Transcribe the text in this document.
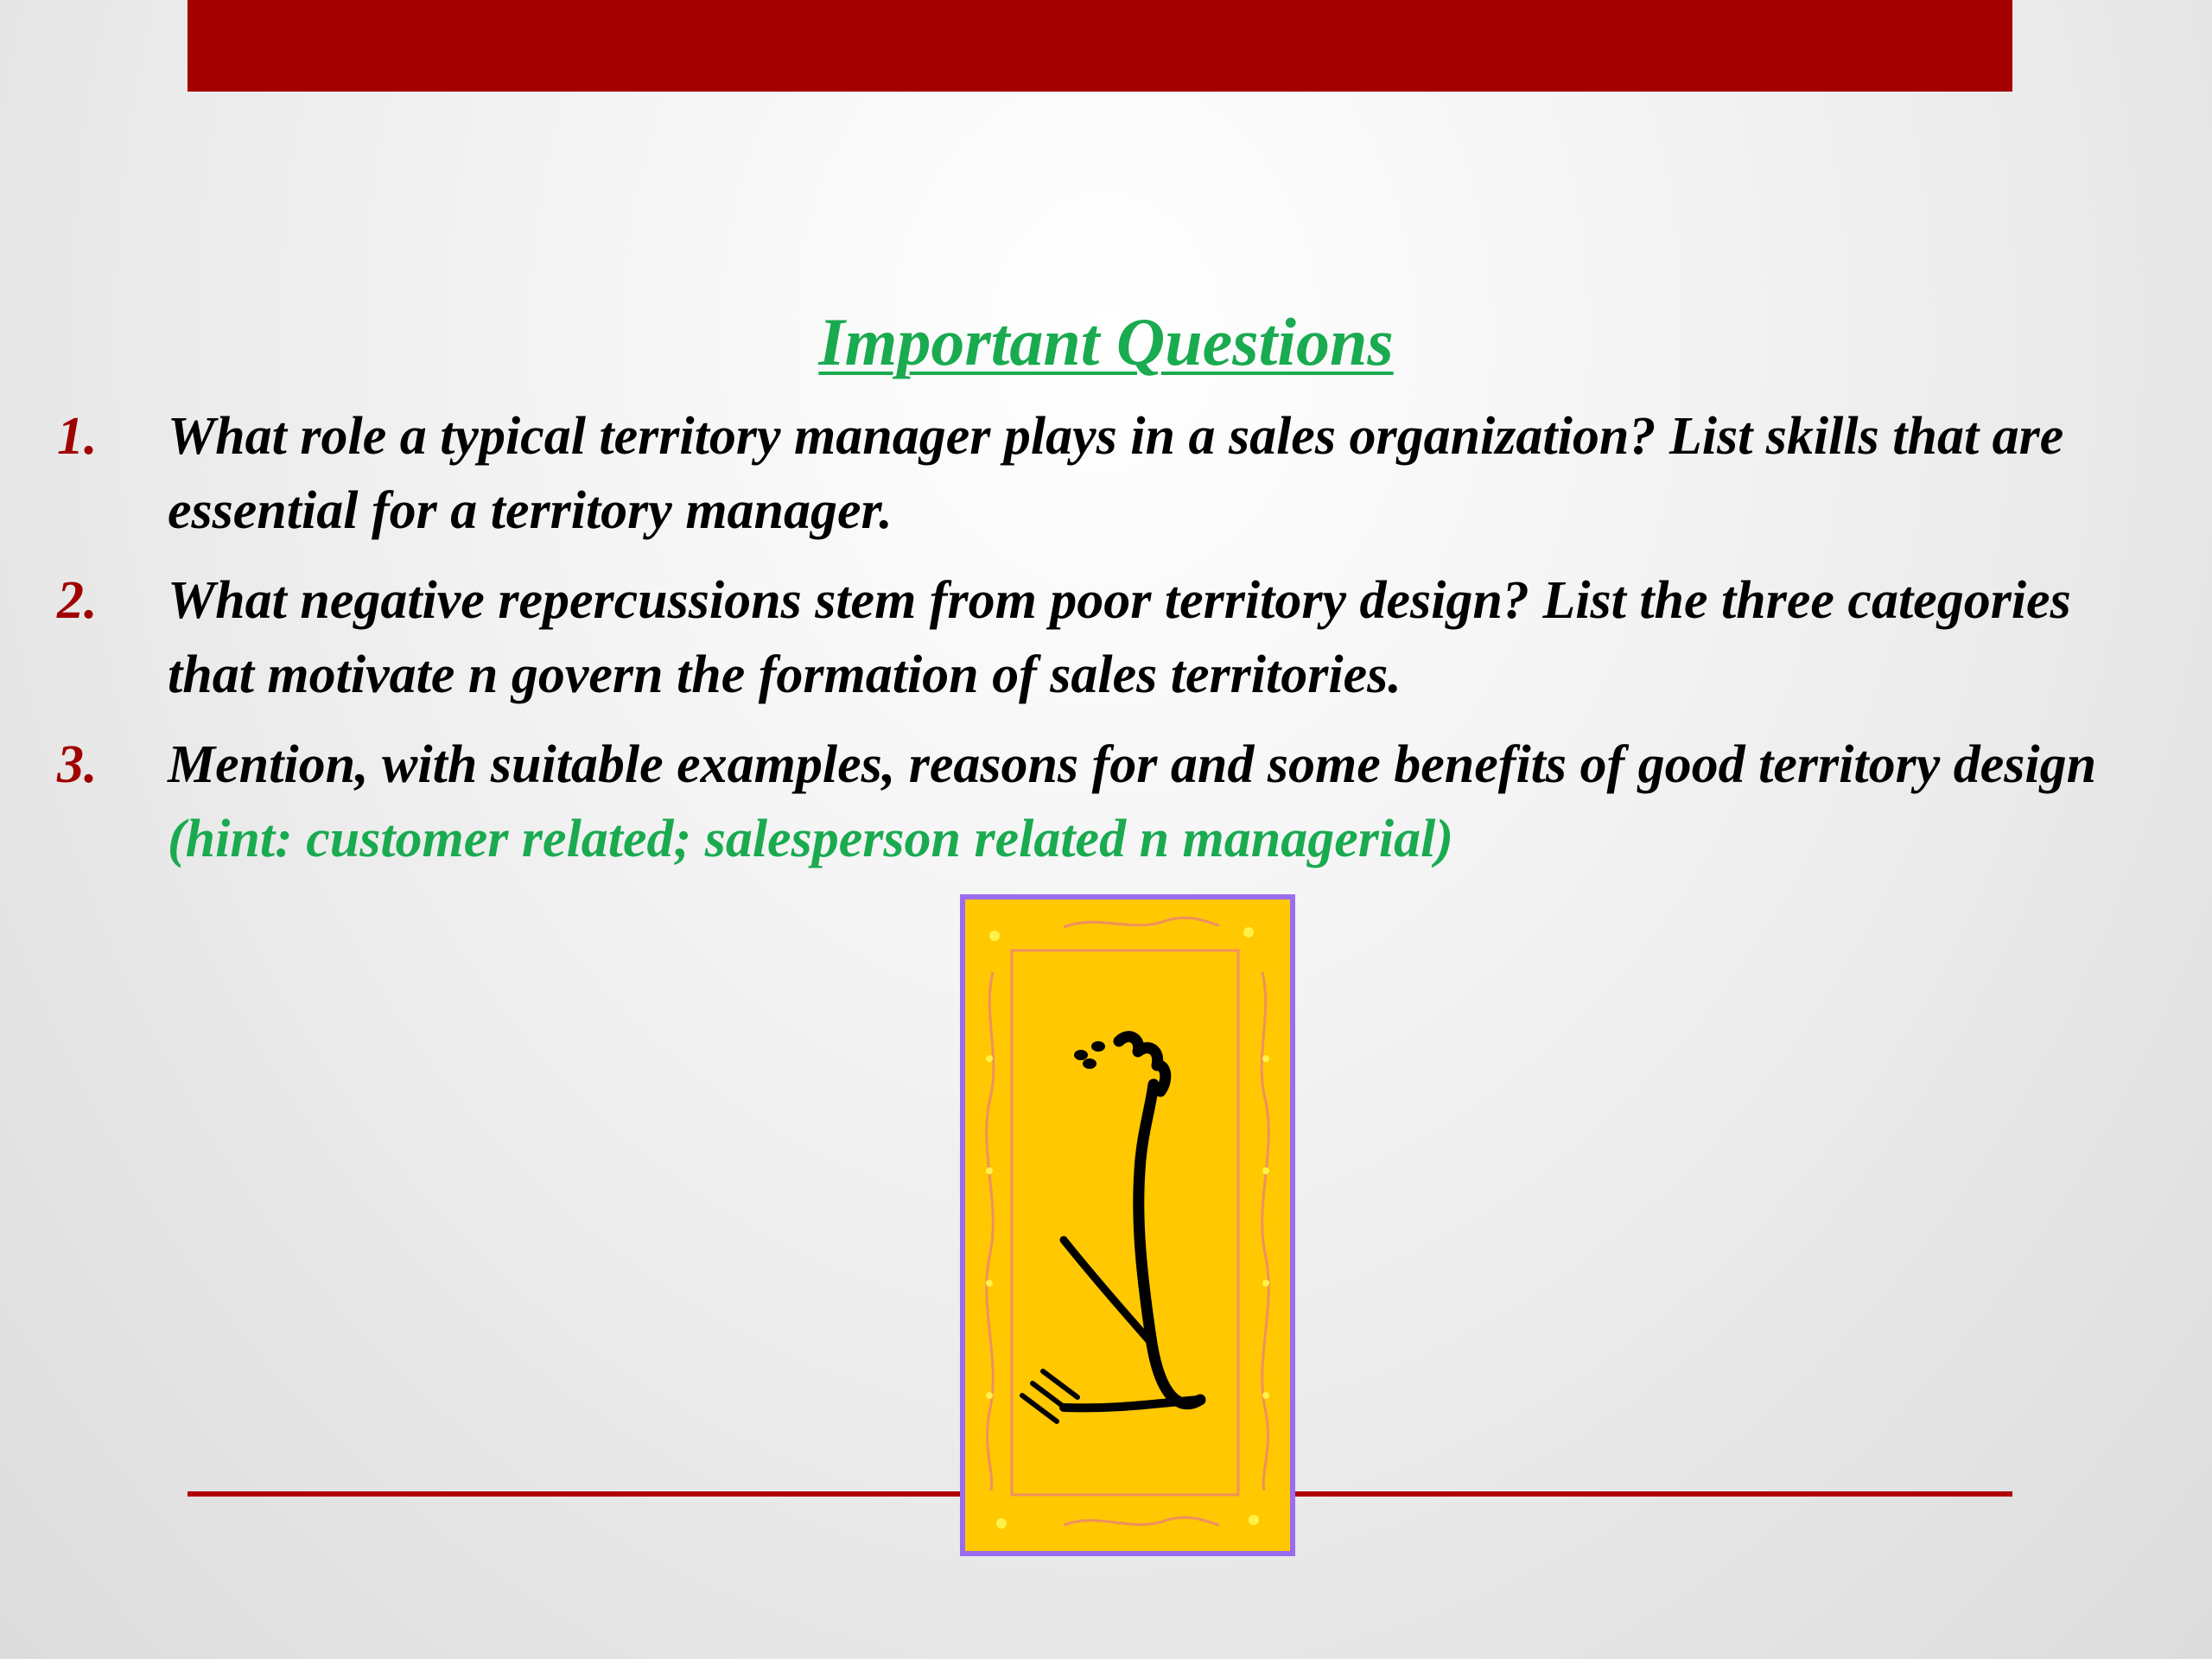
Important Questions
1. What role a typical territory manager plays in a sales organization? List skills that are essential for a territory manager.
2. What negative repercussions stem from poor territory design? List the three categories that motivate n govern the formation of sales territories.
3. Mention, with suitable examples, reasons for and some benefits of good territory design (hint: customer related; salesperson related n managerial)
